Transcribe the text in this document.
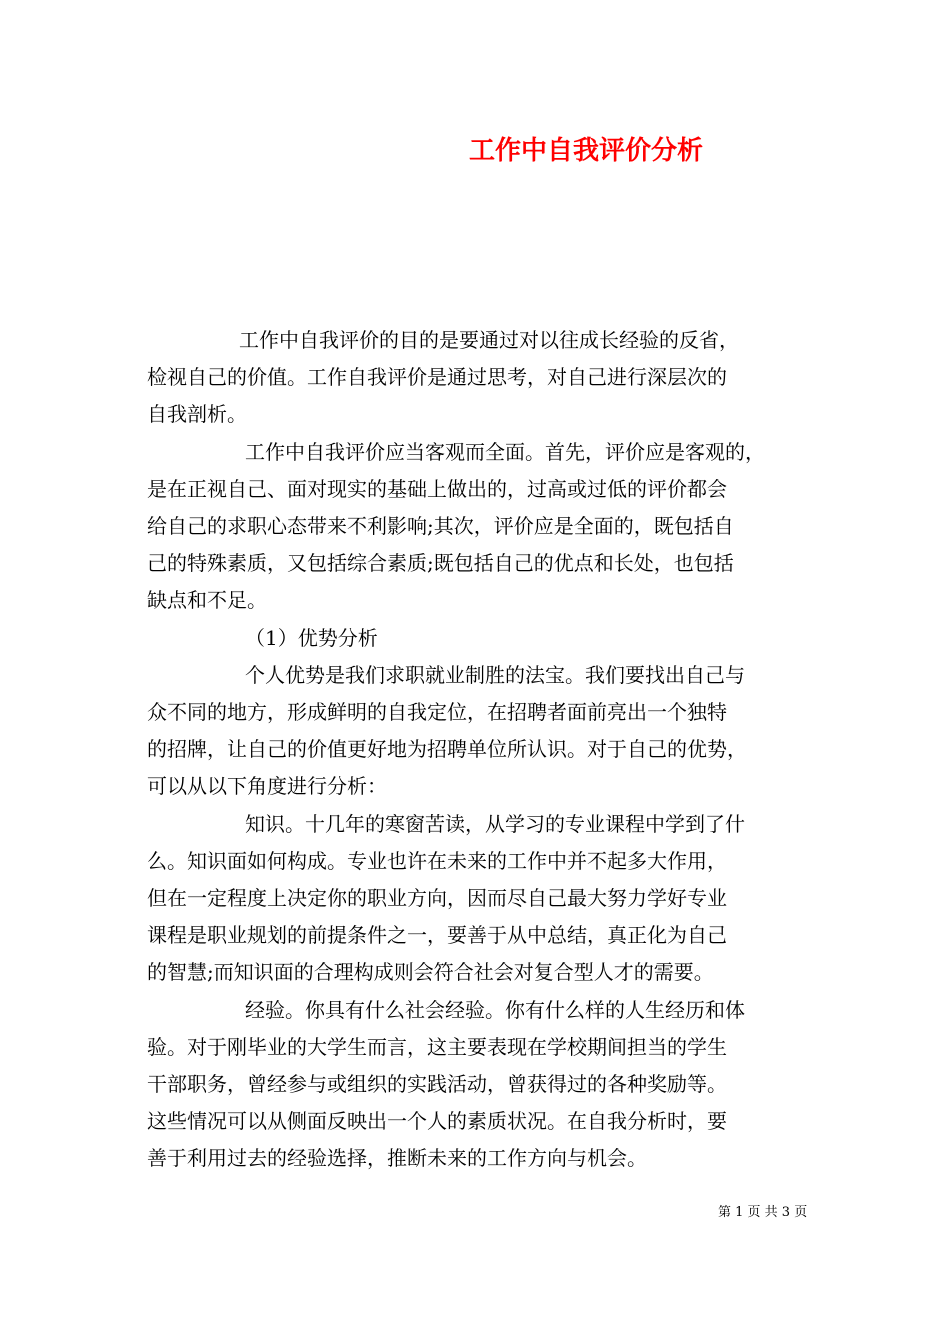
工作中自我评价分析

工作中自我评价的目的是要通过对以往成长经验的反省，

检视自己的价值。工作自我评价是通过思考，对自己进行深层次的

自我剖析。

工作中自我评价应当客观而全面。首先，评价应是客观的，

是在正视自己、面对现实的基础上做出的，过高或过低的评价都会

给自己的求职心态带来不利影响;其次，评价应是全面的，既包括自

己的特殊素质，又包括综合素质;既包括自己的优点和长处，也包括

缺点和不足。

（1）优势分析

个人优势是我们求职就业制胜的法宝。我们要找出自己与

众不同的地方，形成鲜明的自我定位，在招聘者面前亮出一个独特

的招牌，让自己的价值更好地为招聘单位所认识。对于自己的优势，

可以从以下角度进行分析：

知识。十几年的寒窗苦读，从学习的专业课程中学到了什

么。知识面如何构成。专业也许在未来的工作中并不起多大作用，

但在一定程度上决定你的职业方向，因而尽自己最大努力学好专业

课程是职业规划的前提条件之一，要善于从中总结，真正化为自己

的智慧;而知识面的合理构成则会符合社会对复合型人才的需要。

经验。你具有什么社会经验。你有什么样的人生经历和体

验。对于刚毕业的大学生而言，这主要表现在学校期间担当的学生

干部职务，曾经参与或组织的实践活动，曾获得过的各种奖励等。

这些情况可以从侧面反映出一个人的素质状况。在自我分析时，要

善于利用过去的经验选择，推断未来的工作方向与机会。

第 1 页 共 3 页
